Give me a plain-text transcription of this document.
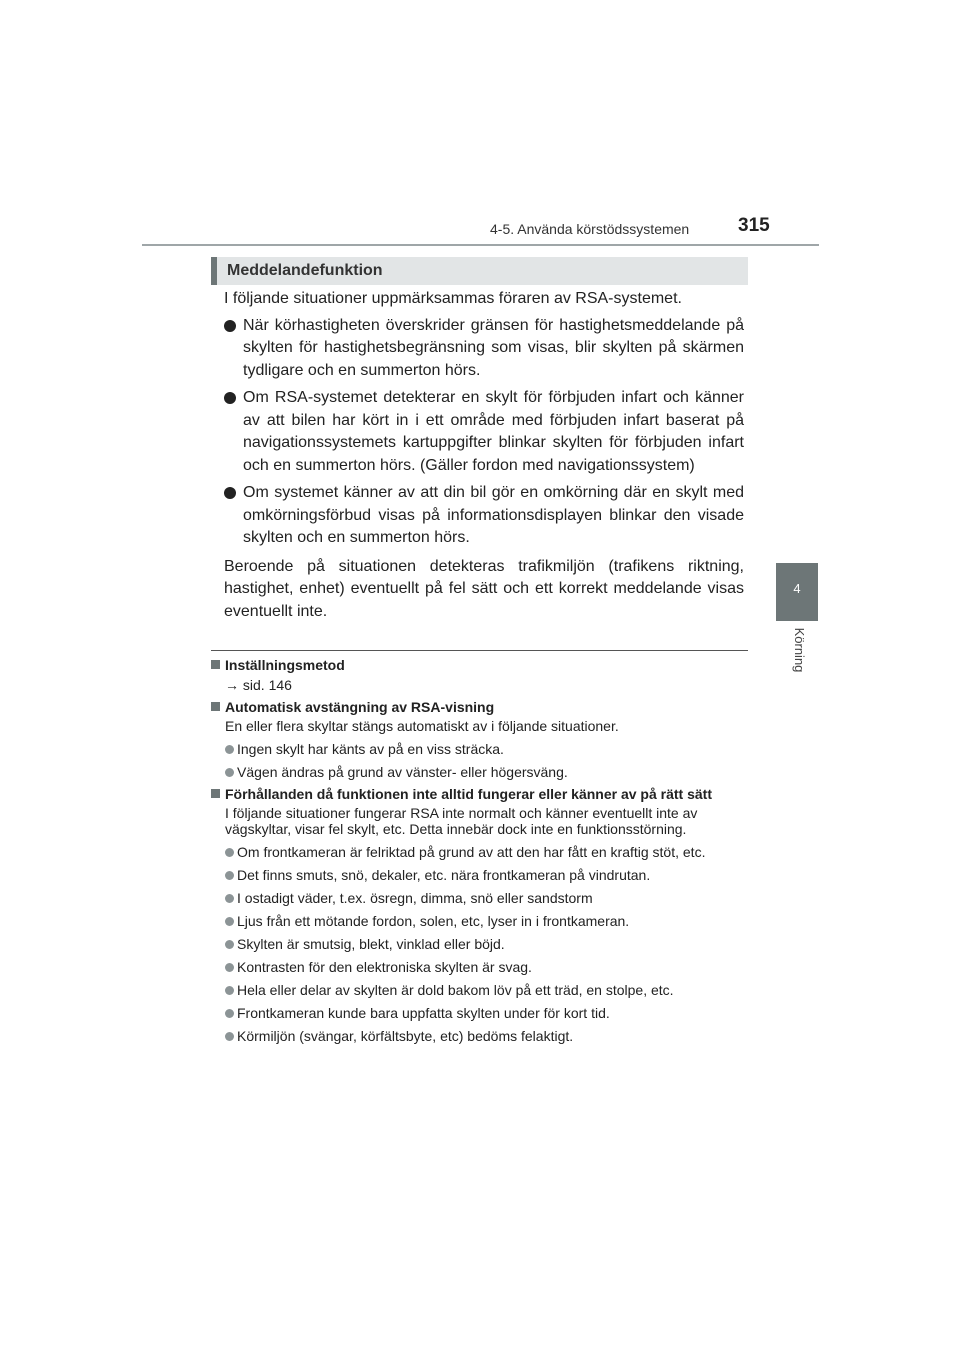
4-5. Använda körstödssystemen	315
4
Körning
Meddelandefunktion

I följande situationer uppmärksammas föraren av RSA-systemet.

När körhastigheten överskrider gränsen för hastighetsmeddelande på skylten för hastighetsbegränsning som visas, blir skylten på skärmen tydligare och en summerton hörs.
Om RSA-systemet detekterar en skylt för förbjuden infart och känner av att bilen har kört in i ett område med förbjuden infart baserat på navigationssystemets kartuppgifter blinkar skylten för förbjuden infart och en summerton hörs. (Gäller fordon med navigationssystem)
Om systemet känner av att din bil gör en omkörning där en skylt med omkörningsförbud visas på informationsdisplayen blinkar den visade skylten och en summerton hörs.

Beroende på situationen detekteras trafikmiljön (trafikens riktning, hastighet, enhet) eventuellt på fel sätt och ett korrekt meddelande visas eventuellt inte.

Inställningsmetod
→ sid. 146
Automatisk avstängning av RSA-visning
En eller flera skyltar stängs automatiskt av i följande situationer.
Ingen skylt har känts av på en viss sträcka.
Vägen ändras på grund av vänster- eller högersväng.
Förhållanden då funktionen inte alltid fungerar eller känner av på rätt sätt
I följande situationer fungerar RSA inte normalt och känner eventuellt inte av vägskyltar, visar fel skylt, etc. Detta innebär dock inte en funktionsstörning.
Om frontkameran är felriktad på grund av att den har fått en kraftig stöt, etc.
Det finns smuts, snö, dekaler, etc. nära frontkameran på vindrutan.
I ostadigt väder, t.ex. ösregn, dimma, snö eller sandstorm
Ljus från ett mötande fordon, solen, etc, lyser in i frontkameran.
Skylten är smutsig, blekt, vinklad eller böjd.
Kontrasten för den elektroniska skylten är svag.
Hela eller delar av skylten är dold bakom löv på ett träd, en stolpe, etc.
Frontkameran kunde bara uppfatta skylten under för kort tid.
Körmiljön (svängar, körfältsbyte, etc) bedöms felaktigt.
